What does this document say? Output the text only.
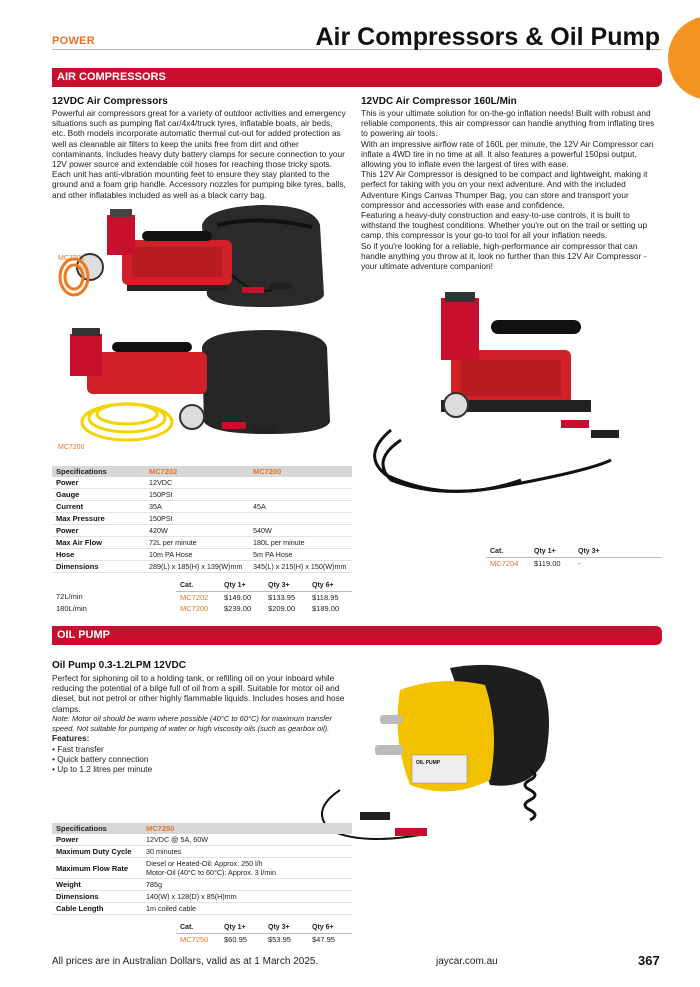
POWER	Air Compressors & Oil Pump
AIR COMPRESSORS
12VDC Air Compressors
Powerful air compressors great for a variety of outdoor activities and emergency situations such as pumping flat car/4x4/truck tyres, inflatable boats, air beds, etc. Both models incorporate automatic thermal cut-out for added protection as well as cleanable air filters to keep the units free from dirt and other contaminants. Includes heavy duty battery clamps for secure connection to your 12V power source and extendable coil hoses for reaching those tricky spots. Each unit has anti-vibration mounting feet to ensure they stay planted to the ground and a foam grip handle. Accessory nozzles for pumping bike tyres, balls, and other inflatables included as well as a black carry bag.
MC7202
MC7200
Specifications	MC7202	MC7200
Power	12VDC	
Gauge	150PSI	
Current	35A	45A
Max Pressure	150PSI	
Power	420W	540W
Max Air Flow	72L per minute	180L per minute
Hose	10m PA Hose	5m PA Hose
Dimensions	289(L) x 185(H) x 139(W)mm	345(L) x 215(H) x 150(W)mm
	Cat.	Qty 1+	Qty 3+	Qty 6+
72L/min	MC7202	$149.00	$133.95	$118.95
180L/min	MC7200	$239.00	$209.00	$189.00
12VDC Air Compressor 160L/Min
This is your ultimate solution for on-the-go inflation needs! Built with robust and reliable components, this air compressor can handle anything from inflating tires to powering air tools.
With an impressive airflow rate of 160L per minute, the 12V Air Compressor can inflate a 4WD tire in no time at all. It also features a powerful 150psi output, allowing you to inflate even the largest of tires with ease.
This 12V Air Compressor is designed to be compact and lightweight, making it perfect for taking with you on your next adventure. And with the included Adventure Kings Canvas Thumper Bag, you can store and transport your compressor and accessories with ease and confidence.
Featuring a heavy-duty construction and easy-to-use controls, it is built to withstand the toughest conditions. Whether you're out on the trail or setting up camp, this compressor is your go-to tool for all your inflation needs.
So if you're looking for a reliable, high-performance air compressor that can handle anything you throw at it, look no further than this 12V Air Compressor - your ultimate adventure companion!
Cat.	Qty 1+	Qty 3+
MC7204	$119.00	-
OIL PUMP
Oil Pump 0.3-1.2LPM 12VDC
Perfect for siphoning oil to a holding tank, or refilling oil on your inboard while reducing the potential of a bilge full of oil from a spill. Suitable for motor oil and diesel, but not petrol or other highly flammable liquids. Includes hoses and hose clamps.
Note: Motor oil should be warm where possible (40°C to 60°C) for maximum transfer speed. Not suitable for pumping of water or high viscosity oils (such as gearbox oil).
Features:
• Fast transfer
• Quick battery connection
• Up to 1.2 litres per minute
OIL PUMP
Specifications	MC7250
Power	12VDC @ 5A, 60W
Maximum Duty Cycle	30 minutes
Maximum Flow Rate	Diesel or Heated-Oil: Approx. 250 l/h
Motor-Oil (40°C to 60°C): Approx. 3 l/min

Weight	785g
Dimensions	140(W) x 128(D) x 85(H)mm
Cable Length	1m coiled cable
Cat.	Qty 1+	Qty 3+	Qty 6+
MC7250	$60.95	$53.95	$47.95
All prices are in Australian Dollars, valid as at 1 March 2025.	jaycar.com.au	367
